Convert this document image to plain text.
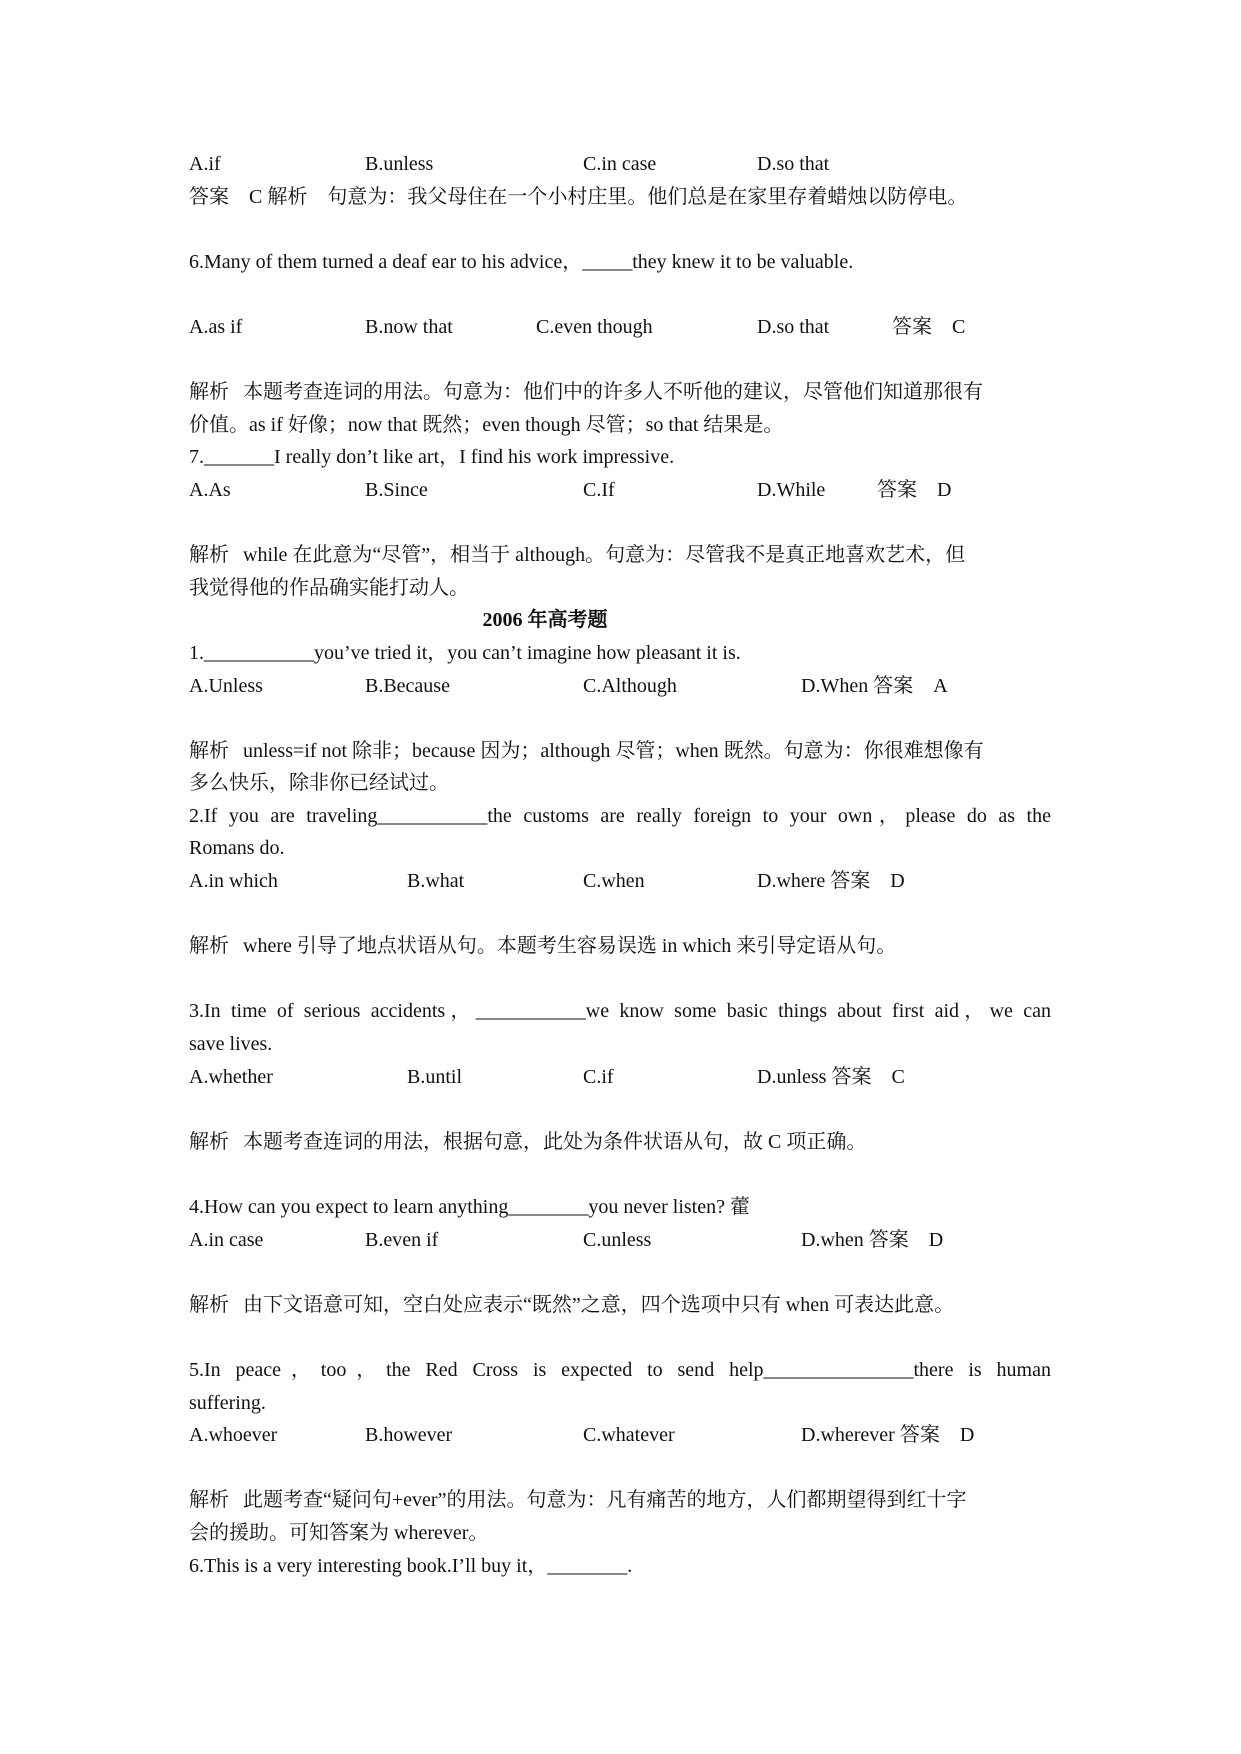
A.if	B.unless	C.in case	D.so that
答案　C 解析　句意为：我父母住在一个小村庄里。他们总是在家里存着蜡烛以防停电。
6.Many of them turned a deaf ear to his advice，_____they knew it to be valuable.
A.as if	B.now that	C.even though	D.so that	答案　C
解析 本题考查连词的用法。句意为：他们中的许多人不听他的建议，尽管他们知道那很有
价值。as if 好像；now that 既然；even though 尽管；so that 结果是。
7._______I really don’t like art，I find his work impressive.
A.As	B.Since	C.If	D.While	答案　D
解析 while 在此意为“尽管”，相当于 although。句意为：尽管我不是真正地喜欢艺术，但
我觉得他的作品确实能打动人。
2006 年高考题
1.___________you’ve tried it，you can’t imagine how pleasant it is.
A.Unless	B.Because	C.Although	D.When 答案　A
解析 unless=if not 除非；because 因为；although 尽管；when 既然。句意为：你很难想像有
多么快乐，除非你已经试过。
2.If you are traveling___________the customs are really foreign to your own，please do as the
Romans do.
A.in which	B.what	C.when	D.where 答案　D
解析 where 引导了地点状语从句。本题考生容易误选 in which 来引导定语从句。
3.In time of serious accidents，___________we know some basic things about first aid，we can
save lives.
A.whether	B.until	C.if	D.unless 答案　C
解析 本题考查连词的用法，根据句意，此处为条件状语从句，故 C 项正确。
4.How can you expect to learn anything________you never listen? 藿
A.in case	B.even if	C.unless	D.when 答案　D
解析 由下文语意可知，空白处应表示“既然”之意，四个选项中只有 when 可表达此意。
5.In peace，too，the Red Cross is expected to send help_______________there is human
suffering.
A.whoever	B.however	C.whatever	D.wherever 答案　D
解析 此题考查“疑问句+ever”的用法。句意为：凡有痛苦的地方，人们都期望得到红十字
会的援助。可知答案为 wherever。
6.This is a very interesting book.I’ll buy it，________.
